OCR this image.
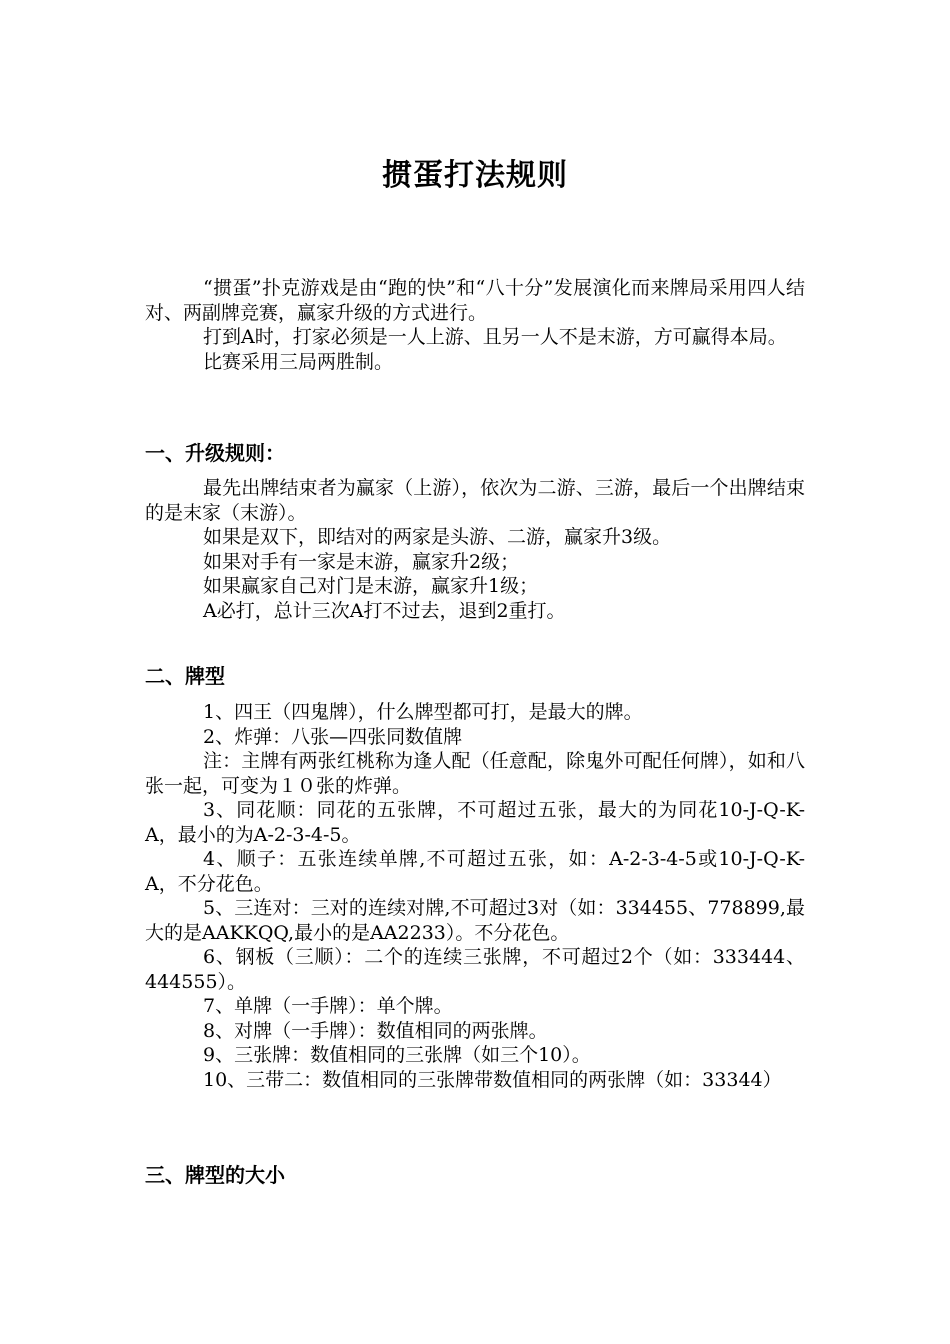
掼蛋打法规则

“掼蛋”扑克游戏是由“跑的快”和“八十分”发展演化而来牌局采用四人结对、两副牌竞赛，赢家升级的方式进行。

打到A时，打家必须是一人上游、且另一人不是末游，方可赢得本局。

比赛采用三局两胜制。

一、升级规则：

最先出牌结束者为赢家（上游），依次为二游、三游，最后一个出牌结束的是末家（末游）。

如果是双下，即结对的两家是头游、二游，赢家升3级。

如果对手有一家是末游，赢家升2级；

如果赢家自己对门是末游，赢家升1级；

A必打，总计三次A打不过去，退到2重打。

二、牌型

1、四王（四鬼牌），什么牌型都可打，是最大的牌。

2、炸弹：八张—四张同数值牌

注：主牌有两张红桃称为逢人配（任意配，除鬼外可配任何牌），如和八张一起，可变为１０张的炸弹。

3、同花顺：同花的五张牌，不可超过五张，最大的为同花10-J-Q-K-A，最小的为A-2-3-4-5。

4、顺子：五张连续单牌,不可超过五张，如：A-2-3-4-5或10-J-Q-K-A，不分花色。

5、三连对：三对的连续对牌,不可超过3对（如：334455、778899,最大的是AAKKQQ,最小的是AA2233）。不分花色。

6、钢板（三顺）：二个的连续三张牌，不可超过2个（如：333444、444555）。

7、单牌（一手牌）：单个牌。

8、对牌（一手牌）：数值相同的两张牌。

9、三张牌：数值相同的三张牌（如三个10）。

10、三带二：数值相同的三张牌带数值相同的两张牌（如：33344）

三、牌型的大小
